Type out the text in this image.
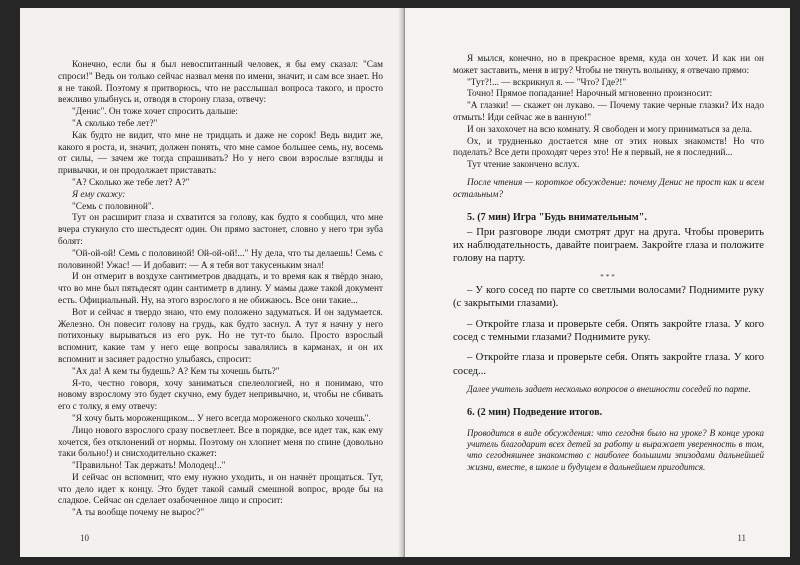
Конечно, если бы я был невоспитанный человек, я бы ему сказал: "Сам спроси!" Ведь он только сейчас назвал меня по имени, значит, и сам все знает. Но я не такой. Поэтому я притворюсь, что не расслышал вопроса такого, и просто вежливо улыбнусь и, отводя в сторону глаза, отвечу:

"Денис". Он тоже хочет спросить дальше:

"А сколько тебе лет?"

Как будто не видит, что мне не тридцать и даже не сорок! Ведь видит же, какого я роста, и, значит, должен понять, что мне самое большее семь, ну, восемь от силы, — зачем же тогда спрашивать? Но у него свои взрослые взгляды и привычки, и он продолжает приставать:

"А? Сколько же тебе лет? А?"

Я ему скажу:

"Семь с половиной".

Тут он расширит глаза и схватится за голову, как будто я сообщил, что мне вчера стукнуло сто шестьдесят один. Он прямо застонет, словно у него три зуба болят:

"Ой-ой-ой! Семь с половиной! Ой-ой-ой!..." Ну дела, что ты делаешь! Семь с половиной! Ужас! — И добавит: — А я тебя вот такусеньким знал!

И он отмерит в воздухе сантиметров двадцать, и то время как я твёрдо знаю, что во мне был пятьдесят один сантиметр в длину. У мамы даже такой документ есть. Официальный. Ну, на этого взрослого я не обижаюсь. Все они такие...

Вот и сейчас я твердо знаю, что ему положено задуматься. И он задумается. Железно. Он повесит голову на грудь, как будто заснул. А тут я начну у него потихоньку вырываться из его рук. Но не тут-то было. Просто взрослый вспомнит, какие там у него еще вопросы завалялись в карманах, и он их вспомнит и засияет радостно улыбаясь, спросит:

"Ах да! А кем ты будешь? А? Кем ты хочешь быть?"

Я-то, честно говоря, хочу заниматься спелеологией, но я понимаю, что новому взрослому это будет скучно, ему будет непривычно, и, чтобы не сбивать его с толку, я ему отвечу:

"Я хочу быть мороженщиком... У него всегда мороженого сколько хочешь".

Лицо нового взрослого сразу посветлеет. Все в порядке, все идет так, как ему хочется, без отклонений от нормы. Поэтому он хлопнет меня по спине (довольно таки больно!) и снисходительно скажет:

"Правильно! Так держать! Молодец!.."

И сейчас он вспомнит, что ему нужно уходить, и он начнёт прощаться. Тут, что дело идет к концу. Это будет такой самый смешной вопрос, вроде бы на сладкое. Сейчас он сделает озабоченное лицо и спросит:

"А ты вообще почему не вырос?"

10

Я мылся, конечно, но в прекрасное время, куда он хочет. И как ни он может заставить, меня в игру? Чтобы не тянуть волынку, я отвечаю прямо:

"Тут?!... — вскрикнул я. — "Что? Где?!"

Точно! Прямое попадание! Нарочный мгновенно произносит:

"А глазки! — скажет он лукаво. — Почему такие черные глазки? Их надо отмыть! Иди сейчас же в ванную!"

И он захохочет на всю комнату. Я свободен и могу приниматься за дела.

Ох, и трудненько достается мне от этих новых знакомств! Но что поделать? Все дети проходят через это! Не я первый, не я последний...

Тут чтение закончено вслух.

После чтения — короткое обсуждение: почему Денис не прост как и всем остальным?

5. (7 мин) Игра "Будь внимательным".

– При разговоре люди смотрят друг на друга. Чтобы проверить их наблюдательность, давайте поиграем. Закройте глаза и положите голову на парту.

***

– У кого сосед по парте со светлыми волосами? Поднимите руку (с закрытыми глазами).

– Откройте глаза и проверьте себя. Опять закройте глаза. У кого сосед с темными глазами? Поднимите руку.

– Откройте глаза и проверьте себя. Опять закройте глаза. У кого сосед...

Далее учитель задает несколько вопросов о внешности соседей по парте.

6. (2 мин) Подведение итогов.

Проводится в виде обсуждения: что сегодня было на уроке? В конце урока учитель благодарит всех детей за работу и выражает уверенность в том, что сегодняшнее знакомство с наиболее большими эпизодами дальнейшей жизни, вместе, в школе и будущем в дальнейшем пригодится.

11
